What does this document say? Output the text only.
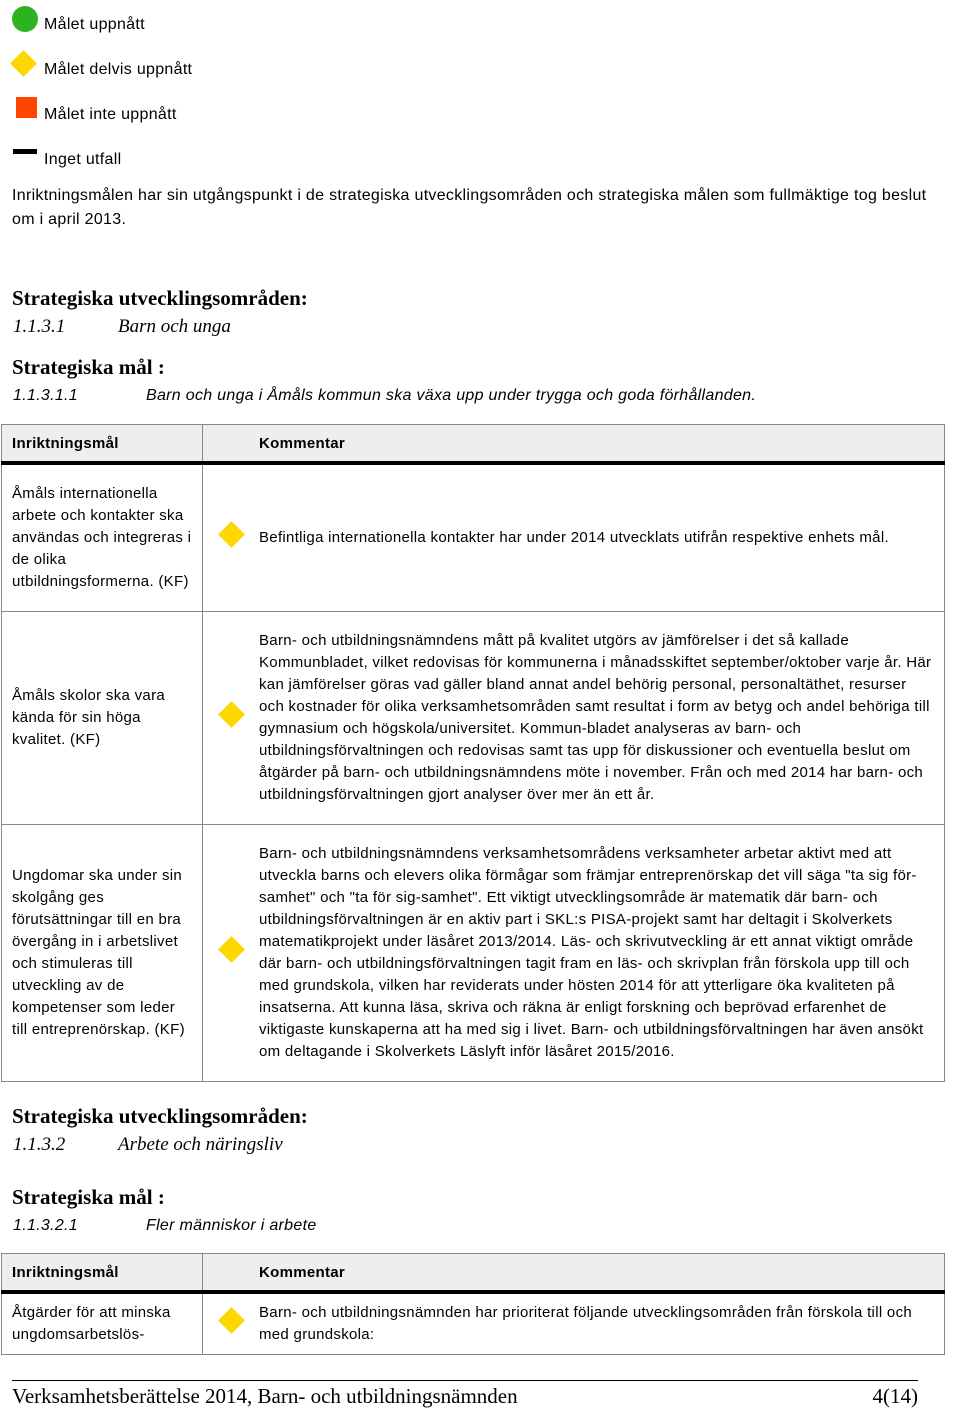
Målet uppnått
Målet delvis uppnått
Målet inte uppnått
Inget utfall

Inriktningsmålen har sin utgångspunkt i de strategiska utvecklingsområden och strategiska målen som fullmäktige tog beslut om i april 2013.

Strategiska utvecklingsområden:
1.1.3.1	Barn och unga
Strategiska mål :
1.1.3.1.1	Barn och unga i Åmåls kommun ska växa upp under trygga och goda förhållanden.
Inriktningsmål		Kommentar
Åmåls internationella arbete och kontakter ska användas och integreras i de olika utbildningsformerna. (KF)		Befintliga internationella kontakter har under 2014 utvecklats utifrån respektive enhets mål.
Åmåls skolor ska vara kända för sin höga kvalitet. (KF)		Barn- och utbildningsnämndens mått på kvalitet utgörs av jämförelser i det så kallade Kommunbladet, vilket redovisas för kommunerna i månadsskiftet september/oktober varje år. Här kan jämförelser göras vad gäller bland annat andel behörig personal, personaltäthet, resurser och kostnader för olika verksamhetsområden samt resultat i form av betyg och andel behöriga till gymnasium och högskola/universitet. Kommun-bladet analyseras av barn- och utbildningsförvaltningen och redovisas samt tas upp för diskussioner och eventuella beslut om åtgärder på barn- och utbildningsnämndens möte i november. Från och med 2014 har barn- och utbildningsförvaltningen gjort analyser över mer än ett år.
Ungdomar ska under sin skolgång ges förutsättningar till en bra övergång in i arbetslivet och stimuleras till utveckling av de kompetenser som leder till entreprenörskap. (KF)		Barn- och utbildningsnämndens verksamhetsområdens verksamheter arbetar aktivt med att utveckla barns och elevers olika förmågar som främjar entreprenörskap det vill säga "ta sig för-samhet" och "ta för sig-samhet". Ett viktigt utvecklingsområde är matematik där barn- och utbildningsförvaltningen är en aktiv part i SKL:s PISA-projekt samt har deltagit i Skolverkets matematikprojekt under läsåret 2013/2014. Läs- och skrivutveckling är ett annat viktigt område där barn- och utbildningsförvaltningen tagit fram en läs- och skrivplan från förskola upp till och med grundskola, vilken har reviderats under hösten 2014 för att ytterligare öka kvaliteten på insatserna. Att kunna läsa, skriva och räkna är enligt forskning och beprövad erfarenhet de viktigaste kunskaperna att ha med sig i livet. Barn- och utbildningsförvaltningen har även ansökt om deltagande i Skolverkets Läslyft inför läsåret 2015/2016.
Strategiska utvecklingsområden:
1.1.3.2	Arbete och näringsliv
Strategiska mål :
1.1.3.2.1	Fler människor i arbete
Inriktningsmål		Kommentar
Åtgärder för att minska ungdomsarbetslös-		Barn- och utbildningsnämnden har prioriterat följande utvecklingsområden från förskola till och med grundskola:
Verksamhetsberättelse 2014, Barn- och utbildningsnämnden	4(14)
